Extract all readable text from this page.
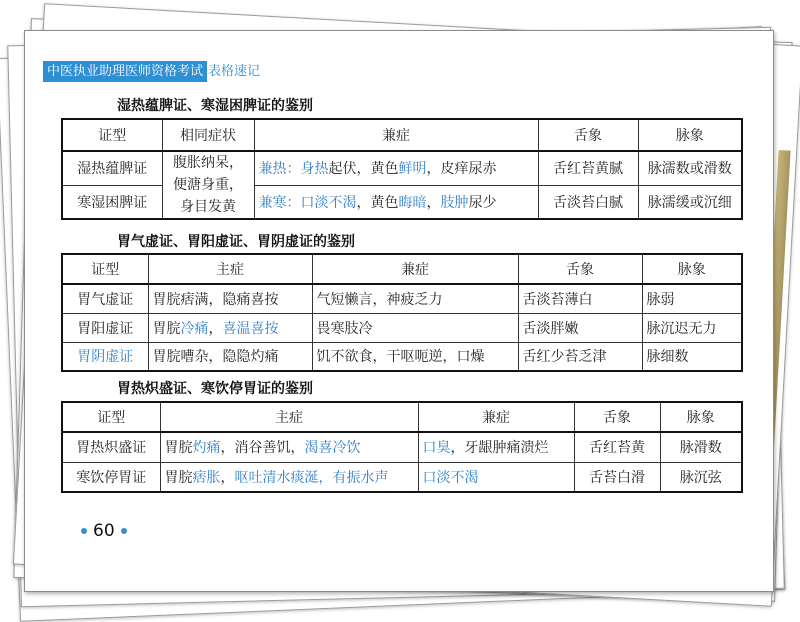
中医执业助理医师资格考试 表格速记
湿热蕴脾证、寒湿困脾证的鉴别
证型	相同症状	兼症	舌象	脉象
湿热蕴脾证	腹胀纳呆，
便溏身重，
身目发黄	兼热：身热起伏，黄色鲜明，皮痒尿赤	舌红苔黄腻	脉濡数或滑数
寒湿困脾证		兼寒：口淡不渴，黄色晦暗，肢肿尿少	舌淡苔白腻	脉濡缓或沉细
胃气虚证、胃阳虚证、胃阴虚证的鉴别
证型	主症	兼症	舌象	脉象
胃气虚证	胃脘痞满，隐痛喜按	气短懒言，神疲乏力	舌淡苔薄白	脉弱
胃阳虚证	胃脘冷痛，喜温喜按	畏寒肢冷	舌淡胖嫩	脉沉迟无力
胃阴虚证	胃脘嘈杂，隐隐灼痛	饥不欲食，干呕呃逆，口燥	舌红少苔乏津	脉细数
胃热炽盛证、寒饮停胃证的鉴别
证型	主症	兼症	舌象	脉象
胃热炽盛证	胃脘灼痛，消谷善饥，渴喜冷饮	口臭，牙龈肿痛溃烂	舌红苔黄	脉滑数
寒饮停胃证	胃脘痞胀，呕吐清水痰涎，有振水声	口淡不渴	舌苔白滑	脉沉弦
60
